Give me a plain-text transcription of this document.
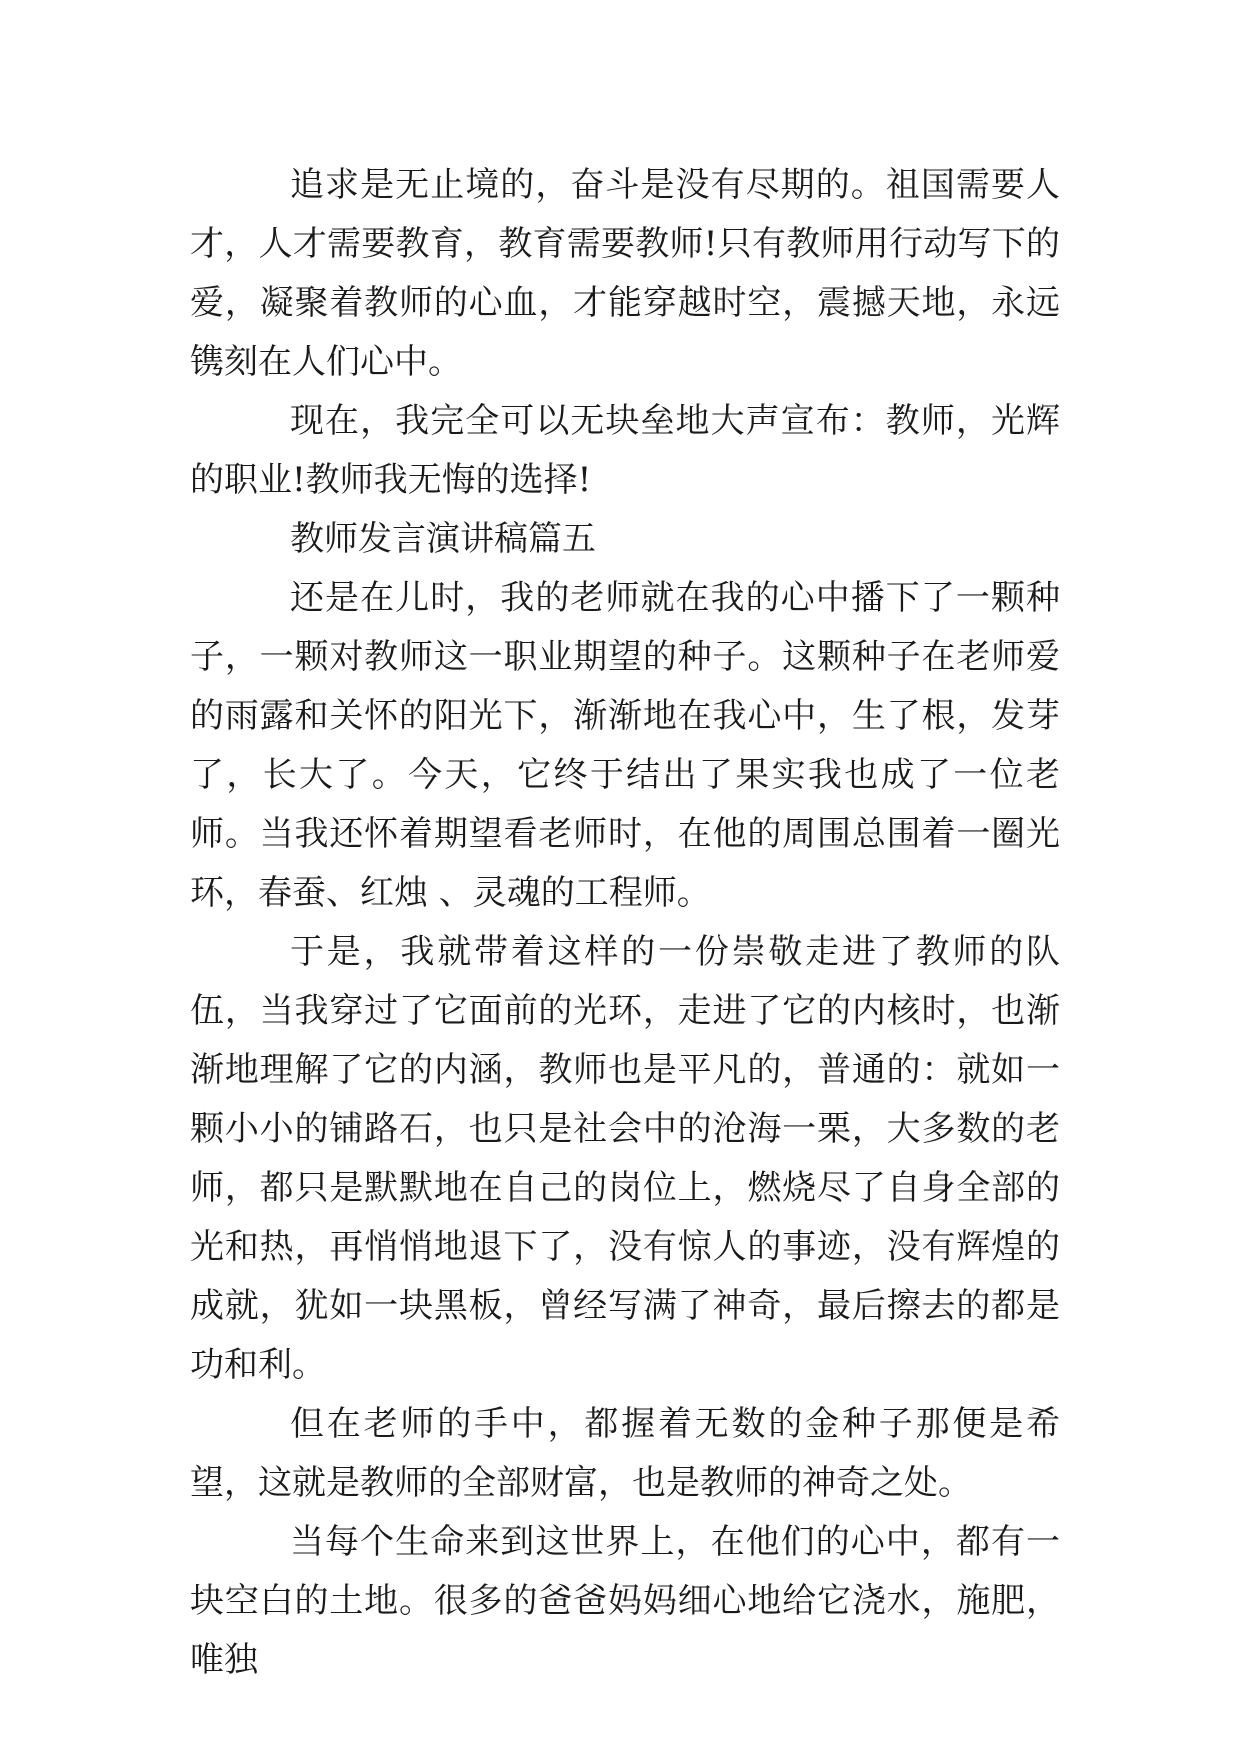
追求是无止境的，奋斗是没有尽期的。祖国需要人才，人才需要教育，教育需要教师!只有教师用行动写下的爱，凝聚着教师的心血，才能穿越时空，震撼天地，永远镌刻在人们心中。

现在，我完全可以无块垒地大声宣布：教师，光辉的职业!教师我无悔的选择!

教师发言演讲稿篇五

还是在儿时，我的老师就在我的心中播下了一颗种子，一颗对教师这一职业期望的种子。这颗种子在老师爱的雨露和关怀的阳光下，渐渐地在我心中，生了根，发芽了，长大了。今天，它终于结出了果实我也成了一位老师。当我还怀着期望看老师时，在他的周围总围着一圈光环，春蚕、红烛 、灵魂的工程师。

于是，我就带着这样的一份崇敬走进了教师的队伍，当我穿过了它面前的光环，走进了它的内核时，也渐渐地理解了它的内涵，教师也是平凡的，普通的：就如一颗小小的铺路石，也只是社会中的沧海一栗，大多数的老师，都只是默默地在自己的岗位上，燃烧尽了自身全部的光和热，再悄悄地退下了，没有惊人的事迹，没有辉煌的成就，犹如一块黑板，曾经写满了神奇，最后擦去的都是功和利。

但在老师的手中，都握着无数的金种子那便是希望，这就是教师的全部财富，也是教师的神奇之处。

当每个生命来到这世界上，在他们的心中，都有一块空白的土地。很多的爸爸妈妈细心地给它浇水，施肥，唯独
